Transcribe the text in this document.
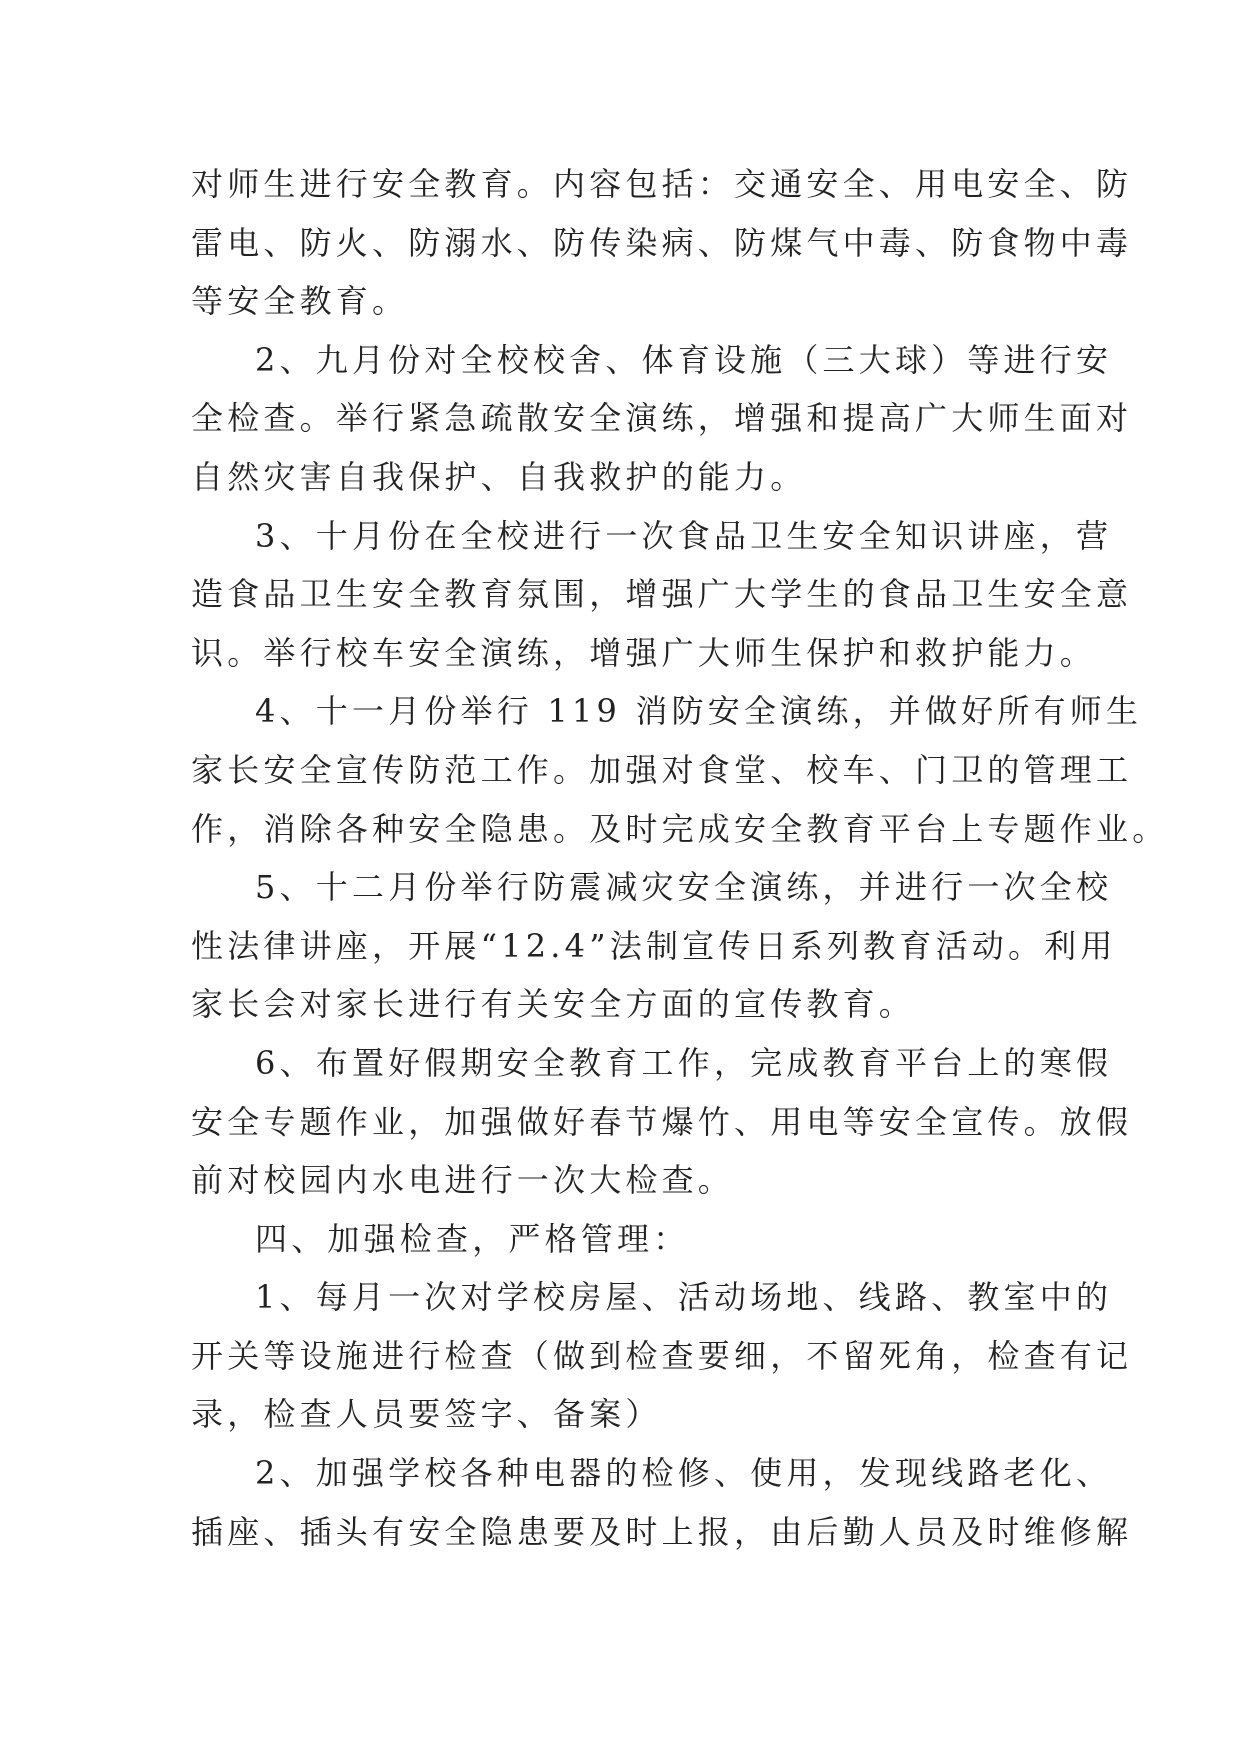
对师生进行安全教育。内容包括：交通安全、用电安全、防
雷电、防火、防溺水、防传染病、防煤气中毒、防食物中毒
等安全教育。
2、九月份对全校校舍、体育设施（三大球）等进行安
全检查。举行紧急疏散安全演练，增强和提高广大师生面对
自然灾害自我保护、自我救护的能力。
3、十月份在全校进行一次食品卫生安全知识讲座，营
造食品卫生安全教育氛围，增强广大学生的食品卫生安全意
识。举行校车安全演练，增强广大师生保护和救护能力。
4、十一月份举行 119 消防安全演练，并做好所有师生
家长安全宣传防范工作。加强对食堂、校车、门卫的管理工
作，消除各种安全隐患。及时完成安全教育平台上专题作业。
5、十二月份举行防震减灾安全演练，并进行一次全校
性法律讲座，开展“12.4”法制宣传日系列教育活动。利用
家长会对家长进行有关安全方面的宣传教育。
6、布置好假期安全教育工作，完成教育平台上的寒假
安全专题作业，加强做好春节爆竹、用电等安全宣传。放假
前对校园内水电进行一次大检查。
四、加强检查，严格管理：
1、每月一次对学校房屋、活动场地、线路、教室中的
开关等设施进行检查（做到检查要细，不留死角，检查有记
录，检查人员要签字、备案）
2、加强学校各种电器的检修、使用，发现线路老化、
插座、插头有安全隐患要及时上报，由后勤人员及时维修解
